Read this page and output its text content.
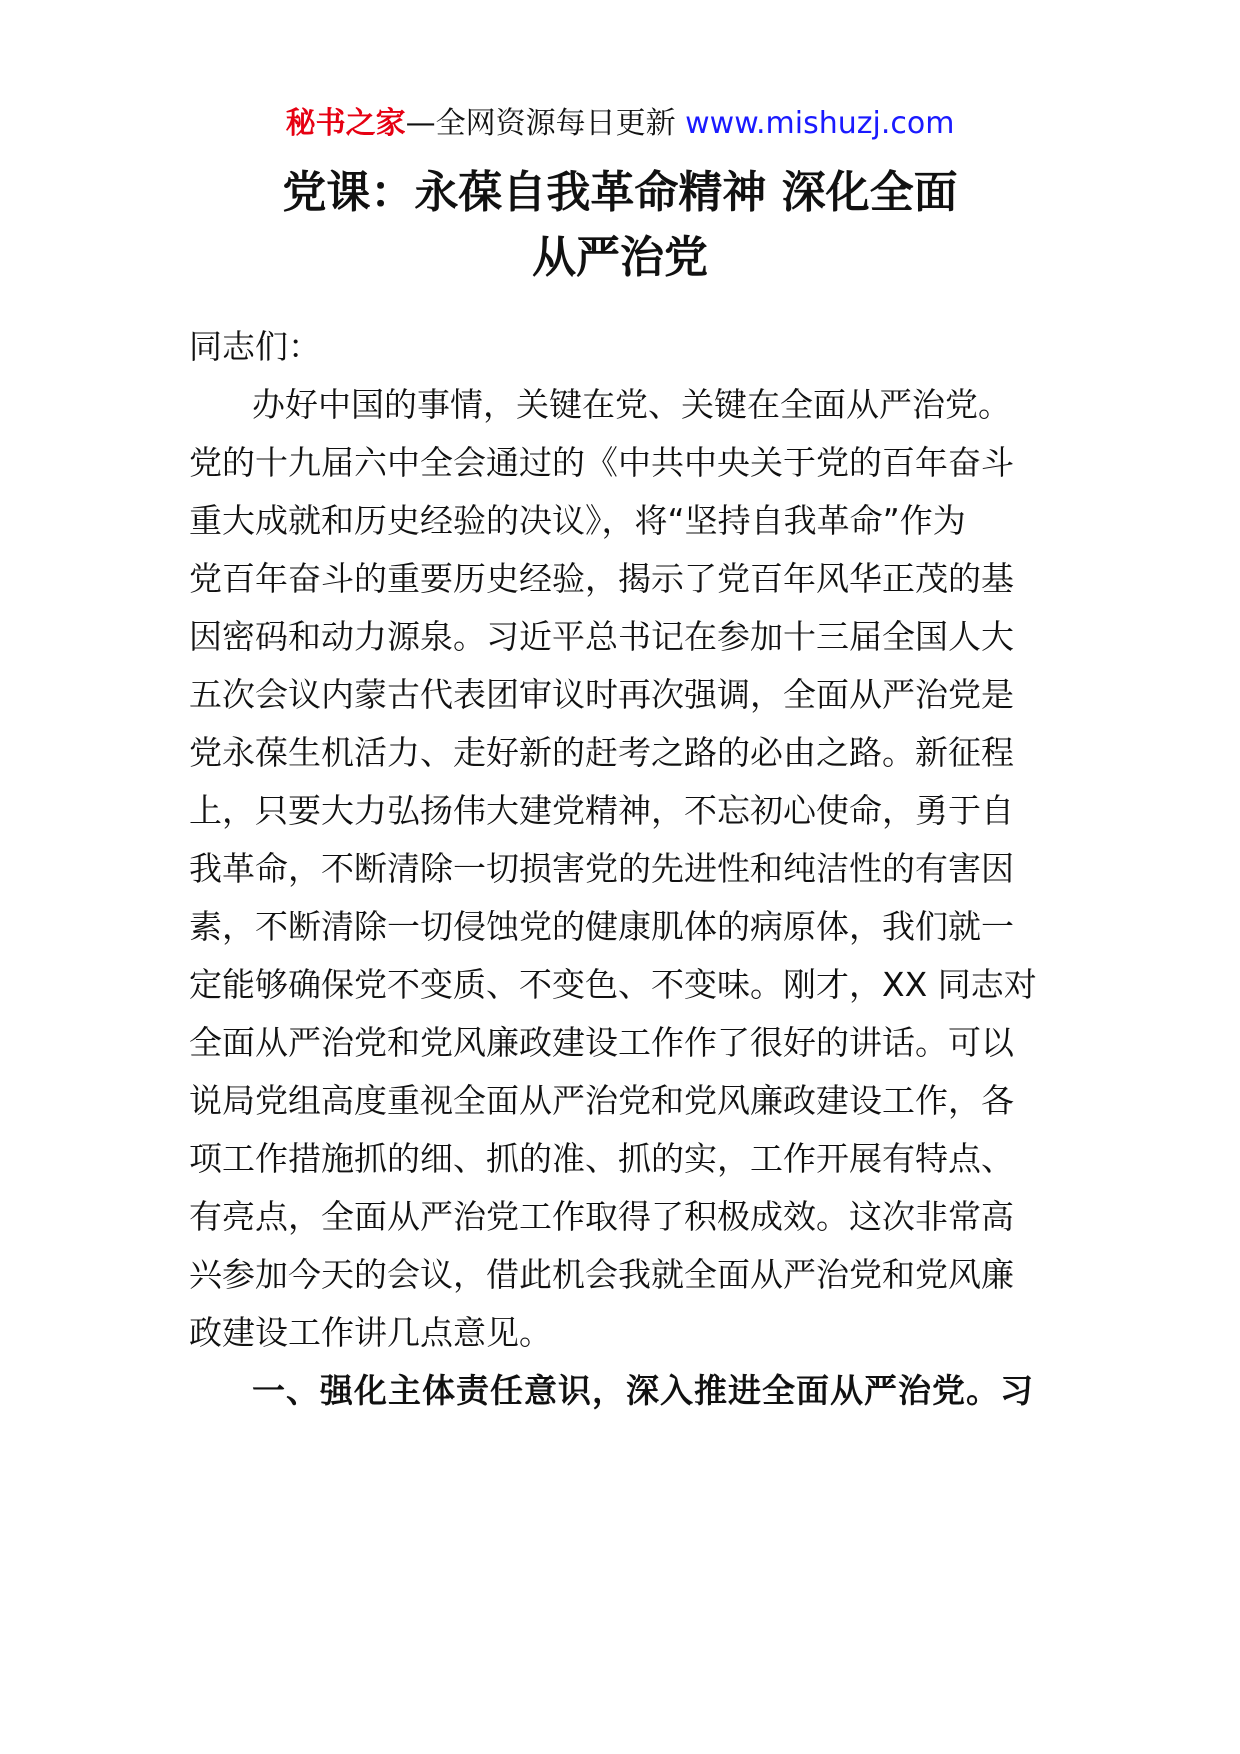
秘书之家—全网资源每日更新 www.mishuzj.com
党课：永葆自我革命精神 深化全面
从严治党
同志们：
办好中国的事情，关键在党、关键在全面从严治党。
党的十九届六中全会通过的《中共中央关于党的百年奋斗
重大成就和历史经验的决议》，将“坚持自我革命”作为
党百年奋斗的重要历史经验，揭示了党百年风华正茂的基
因密码和动力源泉。习近平总书记在参加十三届全国人大
五次会议内蒙古代表团审议时再次强调，全面从严治党是
党永葆生机活力、走好新的赶考之路的必由之路。新征程
上，只要大力弘扬伟大建党精神，不忘初心使命，勇于自
我革命，不断清除一切损害党的先进性和纯洁性的有害因
素，不断清除一切侵蚀党的健康肌体的病原体，我们就一
定能够确保党不变质、不变色、不变味。刚才，XX 同志对
全面从严治党和党风廉政建设工作作了很好的讲话。可以
说局党组高度重视全面从严治党和党风廉政建设工作，各
项工作措施抓的细、抓的准、抓的实，工作开展有特点、
有亮点，全面从严治党工作取得了积极成效。这次非常高
兴参加今天的会议，借此机会我就全面从严治党和党风廉
政建设工作讲几点意见。
一、强化主体责任意识，深入推进全面从严治党。习
